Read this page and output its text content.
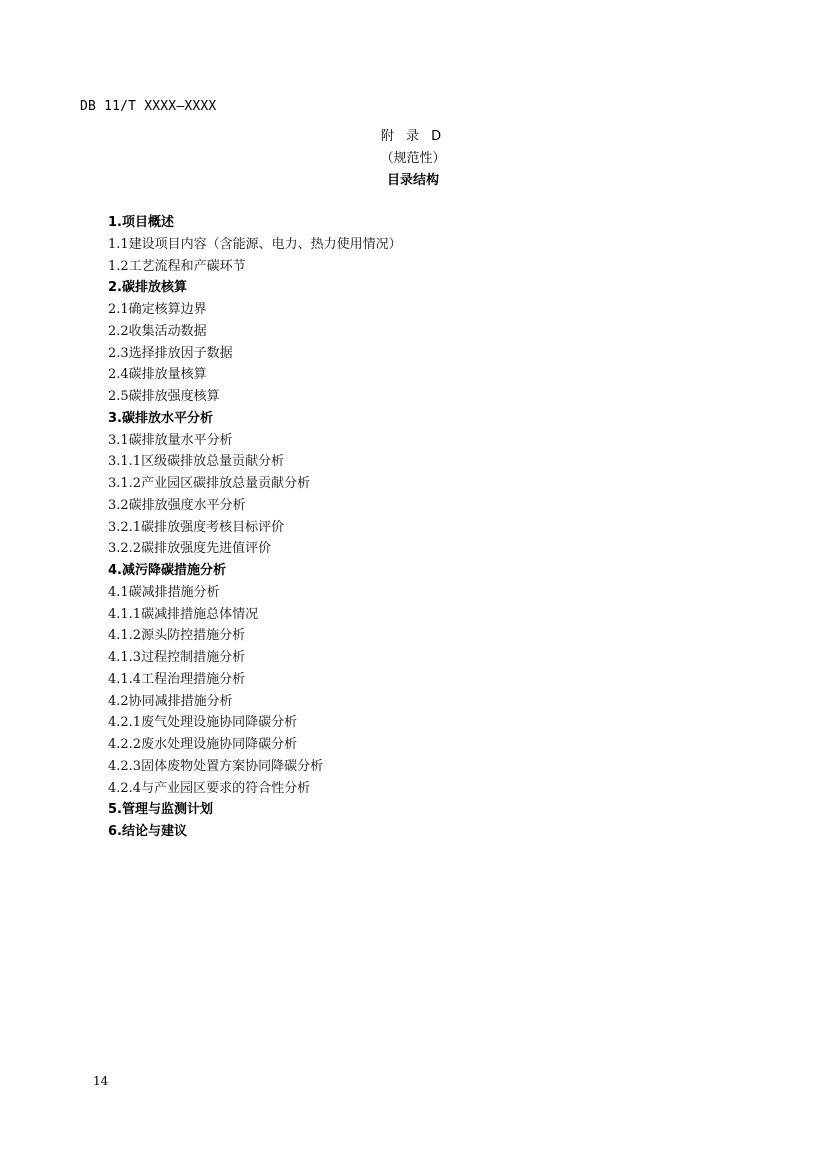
DB 11/T XXXX—XXXX
附 录 D
（规范性）
目录结构
1.项目概述
1.1建设项目内容（含能源、电力、热力使用情况）
1.2工艺流程和产碳环节
2.碳排放核算
2.1确定核算边界
2.2收集活动数据
2.3选择排放因子数据
2.4碳排放量核算
2.5碳排放强度核算
3.碳排放水平分析
3.1碳排放量水平分析
3.1.1区级碳排放总量贡献分析
3.1.2产业园区碳排放总量贡献分析
3.2碳排放强度水平分析
3.2.1碳排放强度考核目标评价
3.2.2碳排放强度先进值评价
4.减污降碳措施分析
4.1碳减排措施分析
4.1.1碳减排措施总体情况
4.1.2源头防控措施分析
4.1.3过程控制措施分析
4.1.4工程治理措施分析
4.2协同减排措施分析
4.2.1废气处理设施协同降碳分析
4.2.2废水处理设施协同降碳分析
4.2.3固体废物处置方案协同降碳分析
4.2.4与产业园区要求的符合性分析
5.管理与监测计划
6.结论与建议
14
